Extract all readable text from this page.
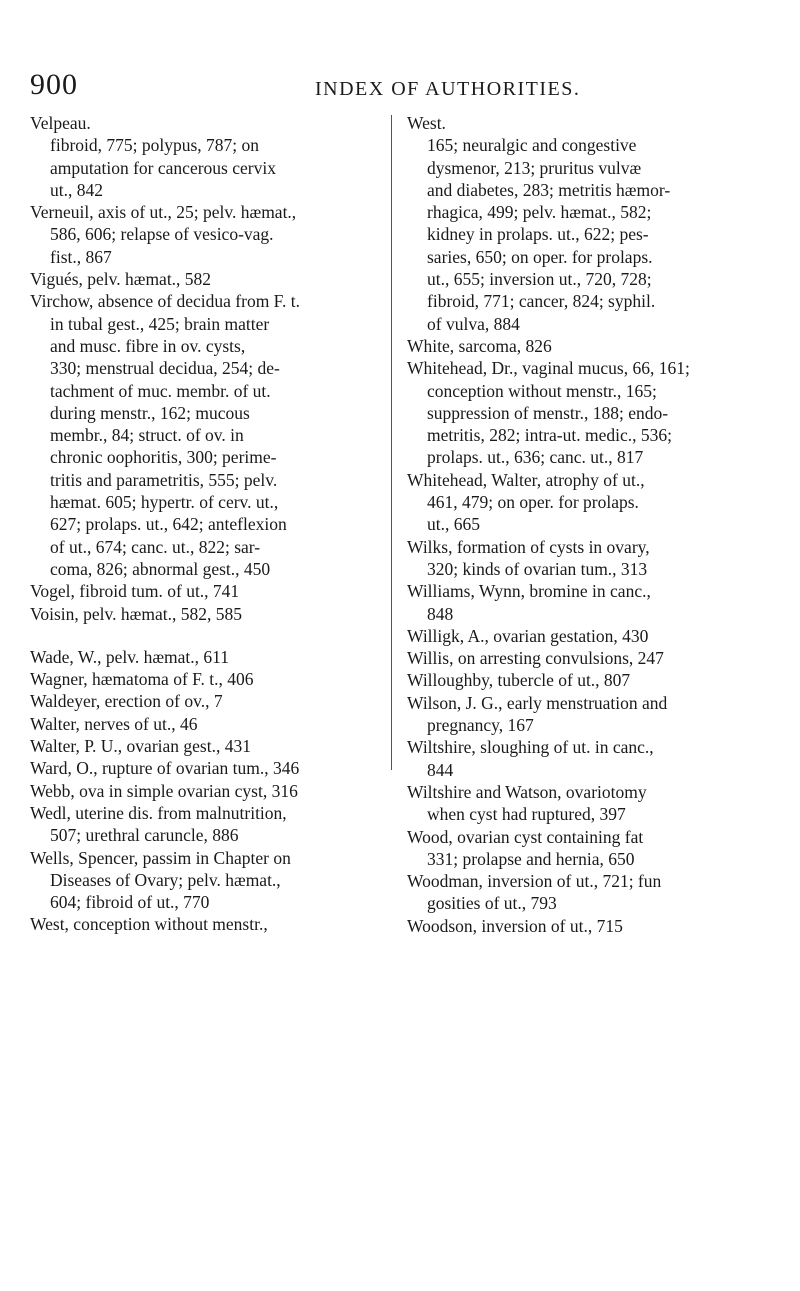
900	INDEX OF AUTHORITIES.

Velpeau.
fibroid, 775; polypus, 787; on
amputation for cancerous cervix
ut., 842

Verneuil, axis of ut., 25; pelv. hæmat.,
586, 606; relapse of vesico-vag.
fist., 867

Vigués, pelv. hæmat., 582

Virchow, absence of decidua from F. t.
in tubal gest., 425; brain matter
and musc. fibre in ov. cysts,
330; menstrual decidua, 254; de-
tachment of muc. membr. of ut.
during menstr., 162; mucous
membr., 84; struct. of ov. in
chronic oophoritis, 300; perime-
tritis and parametritis, 555; pelv.
hæmat. 605; hypertr. of cerv. ut.,
627; prolaps. ut., 642; anteflexion
of ut., 674; canc. ut., 822; sar-
coma, 826; abnormal gest., 450

Vogel, fibroid tum. of ut., 741

Voisin, pelv. hæmat., 582, 585

Wade, W., pelv. hæmat., 611

Wagner, hæmatoma of F. t., 406

Waldeyer, erection of ov., 7

Walter, nerves of ut., 46

Walter, P. U., ovarian gest., 431

Ward, O., rupture of ovarian tum., 346

Webb, ova in simple ovarian cyst, 316

Wedl, uterine dis. from malnutrition,
507; urethral caruncle, 886

Wells, Spencer, passim in Chapter on
Diseases of Ovary; pelv. hæmat.,
604; fibroid of ut., 770

West, conception without menstr.,

West.
165; neuralgic and congestive
dysmenor, 213; pruritus vulvæ
and diabetes, 283; metritis hæmor-
rhagica, 499; pelv. hæmat., 582;
kidney in prolaps. ut., 622; pes-
saries, 650; on oper. for prolaps.
ut., 655; inversion ut., 720, 728;
fibroid, 771; cancer, 824; syphil.
of vulva, 884

White, sarcoma, 826

Whitehead, Dr., vaginal mucus, 66, 161;
conception without menstr., 165;
suppression of menstr., 188; endo-
metritis, 282; intra-ut. medic., 536;
prolaps. ut., 636; canc. ut., 817

Whitehead, Walter, atrophy of ut.,
461, 479; on oper. for prolaps.
ut., 665

Wilks, formation of cysts in ovary,
320; kinds of ovarian tum., 313

Williams, Wynn, bromine in canc.,
848

Willigk, A., ovarian gestation, 430

Willis, on arresting convulsions, 247

Willoughby, tubercle of ut., 807

Wilson, J. G., early menstruation and
pregnancy, 167

Wiltshire, sloughing of ut. in canc.,
844

Wiltshire and Watson, ovariotomy
when cyst had ruptured, 397

Wood, ovarian cyst containing fat
331; prolapse and hernia, 650

Woodman, inversion of ut., 721; fun
gosities of ut., 793

Woodson, inversion of ut., 715
